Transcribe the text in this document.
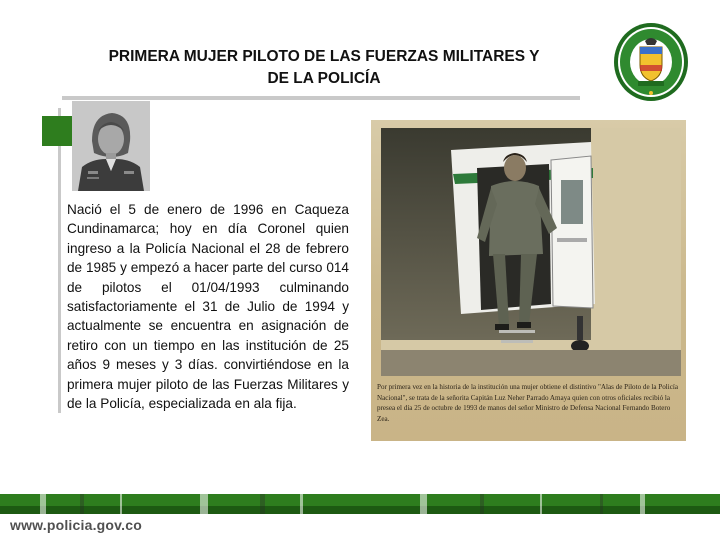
PRIMERA MUJER PILOTO DE LAS FUERZAS MILITARES Y
DE LA POLICÍA
Nació el 5 de enero de 1996 en Caqueza Cundinamarca; hoy en día Coronel quien ingreso a la Policía Nacional el 28 de febrero de 1985 y empezó a hacer parte del curso 014 de pilotos el 01/04/1993 culminando satisfactoriamente el 31 de Julio de 1994 y actualmente se encuentra en asignación de retiro con un tiempo en las institución de 25 años 9 meses y 3 días. convirtiéndose en la primera mujer piloto de las Fuerzas Militares y de la Policía, especializada en ala fija.
Por primera vez en la historia de la institución una mujer obtiene el distintivo "Alas de Piloto de la Policía Nacional", se trata de la señorita Capitán Luz Neher Parrado Amaya quien con otros oficiales recibió la presea el día 25 de octubre de 1993 de manos del señor Ministro de Defensa Nacional Fernando Botero Zea.
www.policia.gov.co
